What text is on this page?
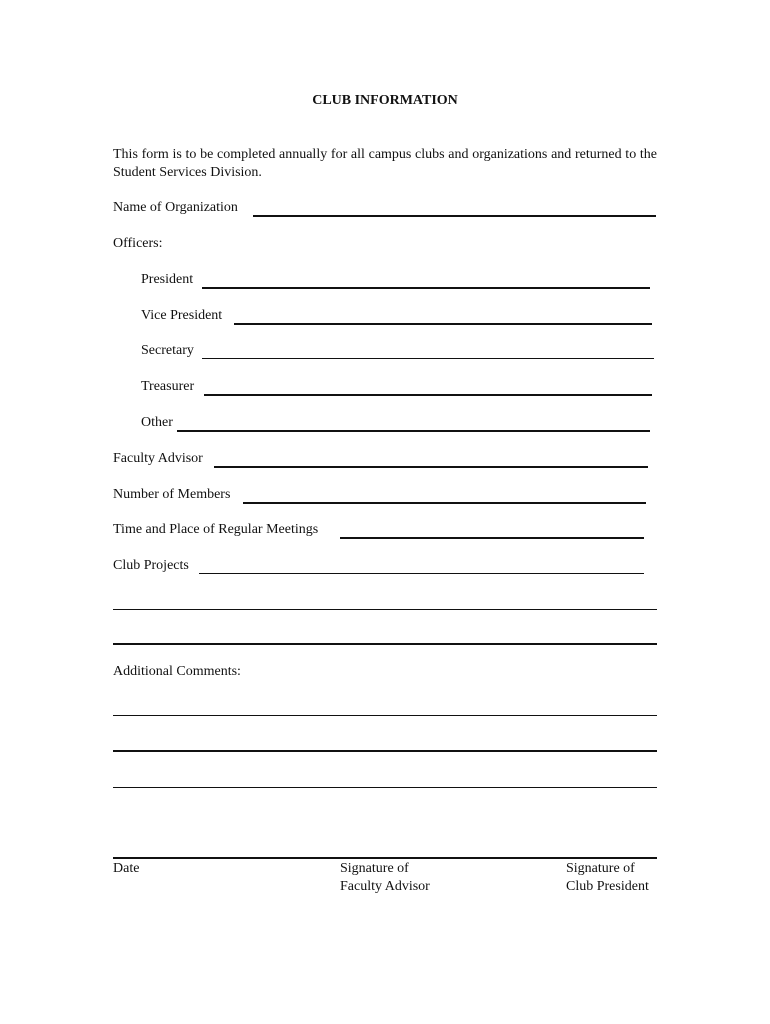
CLUB INFORMATION
This form is to be completed annually for all campus clubs and organizations and returned to the Student Services Division.
Name of Organization
Officers:
President
Vice President
Secretary
Treasurer
Other
Faculty Advisor
Number of Members
Time and Place of Regular Meetings
Club Projects
Additional Comments:
Date	Signature of
Faculty Advisor
Signature of
Club President
